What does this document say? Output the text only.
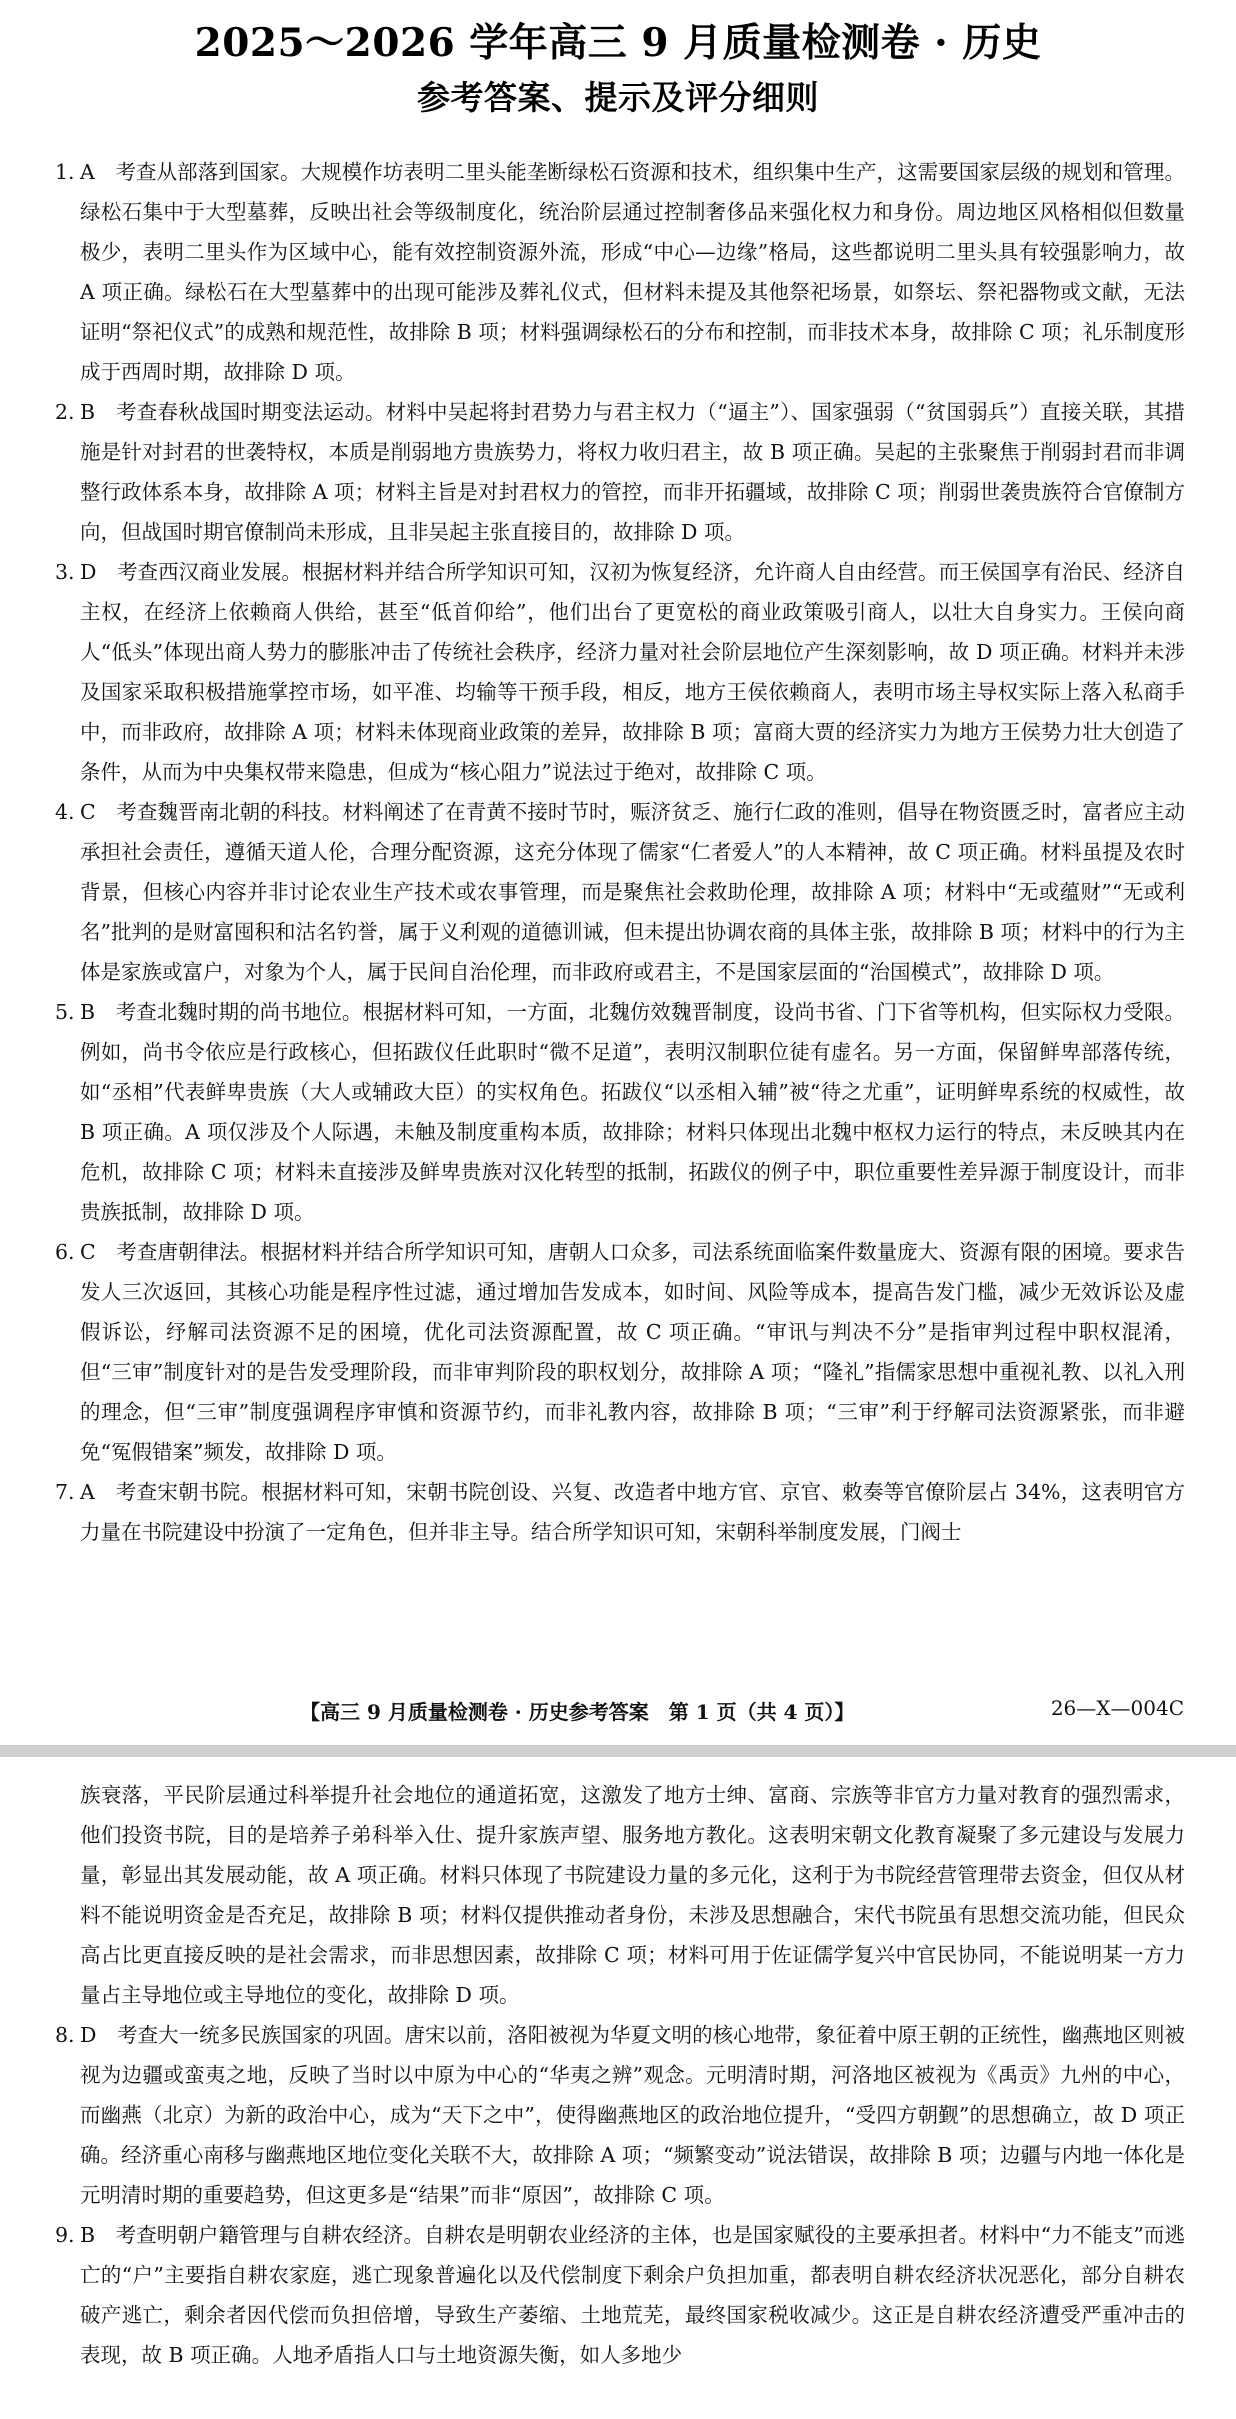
2025～2026 学年高三 9 月质量检测卷 · 历史
参考答案、提示及评分细则
1. A　考查从部落到国家。大规模作坊表明二里头能垄断绿松石资源和技术，组织集中生产，这需要国家层级的规划和管理。绿松石集中于大型墓葬，反映出社会等级制度化，统治阶层通过控制奢侈品来强化权力和身份。周边地区风格相似但数量极少，表明二里头作为区域中心，能有效控制资源外流，形成“中心—边缘”格局，这些都说明二里头具有较强影响力，故 A 项正确。绿松石在大型墓葬中的出现可能涉及葬礼仪式，但材料未提及其他祭祀场景，如祭坛、祭祀器物或文献，无法证明“祭祀仪式”的成熟和规范性，故排除 B 项；材料强调绿松石的分布和控制，而非技术本身，故排除 C 项；礼乐制度形成于西周时期，故排除 D 项。
2. B　考查春秋战国时期变法运动。材料中吴起将封君势力与君主权力（“逼主”）、国家强弱（“贫国弱兵”）直接关联，其措施是针对封君的世袭特权，本质是削弱地方贵族势力，将权力收归君主，故 B 项正确。吴起的主张聚焦于削弱封君而非调整行政体系本身，故排除 A 项；材料主旨是对封君权力的管控，而非开拓疆域，故排除 C 项；削弱世袭贵族符合官僚制方向，但战国时期官僚制尚未形成，且非吴起主张直接目的，故排除 D 项。
3. D　考查西汉商业发展。根据材料并结合所学知识可知，汉初为恢复经济，允许商人自由经营。而王侯国享有治民、经济自主权，在经济上依赖商人供给，甚至“低首仰给”，他们出台了更宽松的商业政策吸引商人，以壮大自身实力。王侯向商人“低头”体现出商人势力的膨胀冲击了传统社会秩序，经济力量对社会阶层地位产生深刻影响，故 D 项正确。材料并未涉及国家采取积极措施掌控市场，如平准、均输等干预手段，相反，地方王侯依赖商人，表明市场主导权实际上落入私商手中，而非政府，故排除 A 项；材料未体现商业政策的差异，故排除 B 项；富商大贾的经济实力为地方王侯势力壮大创造了条件，从而为中央集权带来隐患，但成为“核心阻力”说法过于绝对，故排除 C 项。
4. C　考查魏晋南北朝的科技。材料阐述了在青黄不接时节时，赈济贫乏、施行仁政的准则，倡导在物资匮乏时，富者应主动承担社会责任，遵循天道人伦，合理分配资源，这充分体现了儒家“仁者爱人”的人本精神，故 C 项正确。材料虽提及农时背景，但核心内容并非讨论农业生产技术或农事管理，而是聚焦社会救助伦理，故排除 A 项；材料中“无或蕴财”“无或利名”批判的是财富囤积和沽名钓誉，属于义利观的道德训诫，但未提出协调农商的具体主张，故排除 B 项；材料中的行为主体是家族或富户，对象为个人，属于民间自治伦理，而非政府或君主，不是国家层面的“治国模式”，故排除 D 项。
5. B　考查北魏时期的尚书地位。根据材料可知，一方面，北魏仿效魏晋制度，设尚书省、门下省等机构，但实际权力受限。例如，尚书令依应是行政核心，但拓跋仪任此职时“微不足道”，表明汉制职位徒有虚名。另一方面，保留鲜卑部落传统，如“丞相”代表鲜卑贵族（大人或辅政大臣）的实权角色。拓跋仪“以丞相入辅”被“待之尤重”，证明鲜卑系统的权威性，故 B 项正确。A 项仅涉及个人际遇，未触及制度重构本质，故排除；材料只体现出北魏中枢权力运行的特点，未反映其内在危机，故排除 C 项；材料未直接涉及鲜卑贵族对汉化转型的抵制，拓跋仪的例子中，职位重要性差异源于制度设计，而非贵族抵制，故排除 D 项。
6. C　考查唐朝律法。根据材料并结合所学知识可知，唐朝人口众多，司法系统面临案件数量庞大、资源有限的困境。要求告发人三次返回，其核心功能是程序性过滤，通过增加告发成本，如时间、风险等成本，提高告发门槛，减少无效诉讼及虚假诉讼，纾解司法资源不足的困境，优化司法资源配置，故 C 项正确。“审讯与判决不分”是指审判过程中职权混淆，但“三审”制度针对的是告发受理阶段，而非审判阶段的职权划分，故排除 A 项；“隆礼”指儒家思想中重视礼教、以礼入刑的理念，但“三审”制度强调程序审慎和资源节约，而非礼教内容，故排除 B 项；“三审”利于纾解司法资源紧张，而非避免“冤假错案”频发，故排除 D 项。
7. A　考查宋朝书院。根据材料可知，宋朝书院创设、兴复、改造者中地方官、京官、敕奏等官僚阶层占 34%，这表明官方力量在书院建设中扮演了一定角色，但并非主导。结合所学知识可知，宋朝科举制度发展，门阀士
【高三 9 月质量检测卷 · 历史参考答案　第 1 页（共 4 页）】	26—X—004C
族衰落，平民阶层通过科举提升社会地位的通道拓宽，这激发了地方士绅、富商、宗族等非官方力量对教育的强烈需求，他们投资书院，目的是培养子弟科举入仕、提升家族声望、服务地方教化。这表明宋朝文化教育凝聚了多元建设与发展力量，彰显出其发展动能，故 A 项正确。材料只体现了书院建设力量的多元化，这利于为书院经营管理带去资金，但仅从材料不能说明资金是否充足，故排除 B 项；材料仅提供推动者身份，未涉及思想融合，宋代书院虽有思想交流功能，但民众高占比更直接反映的是社会需求，而非思想因素，故排除 C 项；材料可用于佐证儒学复兴中官民协同，不能说明某一方力量占主导地位或主导地位的变化，故排除 D 项。
8. D　考查大一统多民族国家的巩固。唐宋以前，洛阳被视为华夏文明的核心地带，象征着中原王朝的正统性，幽燕地区则被视为边疆或蛮夷之地，反映了当时以中原为中心的“华夷之辨”观念。元明清时期，河洛地区被视为《禹贡》九州的中心，而幽燕（北京）为新的政治中心，成为“天下之中”，使得幽燕地区的政治地位提升，“受四方朝觐”的思想确立，故 D 项正确。经济重心南移与幽燕地区地位变化关联不大，故排除 A 项；“频繁变动”说法错误，故排除 B 项；边疆与内地一体化是元明清时期的重要趋势，但这更多是“结果”而非“原因”，故排除 C 项。
9. B　考查明朝户籍管理与自耕农经济。自耕农是明朝农业经济的主体，也是国家赋役的主要承担者。材料中“力不能支”而逃亡的“户”主要指自耕农家庭，逃亡现象普遍化以及代偿制度下剩余户负担加重，都表明自耕农经济状况恶化，部分自耕农破产逃亡，剩余者因代偿而负担倍增，导致生产萎缩、土地荒芜，最终国家税收减少。这正是自耕农经济遭受严重冲击的表现，故 B 项正确。人地矛盾指人口与土地资源失衡，如人多地少
